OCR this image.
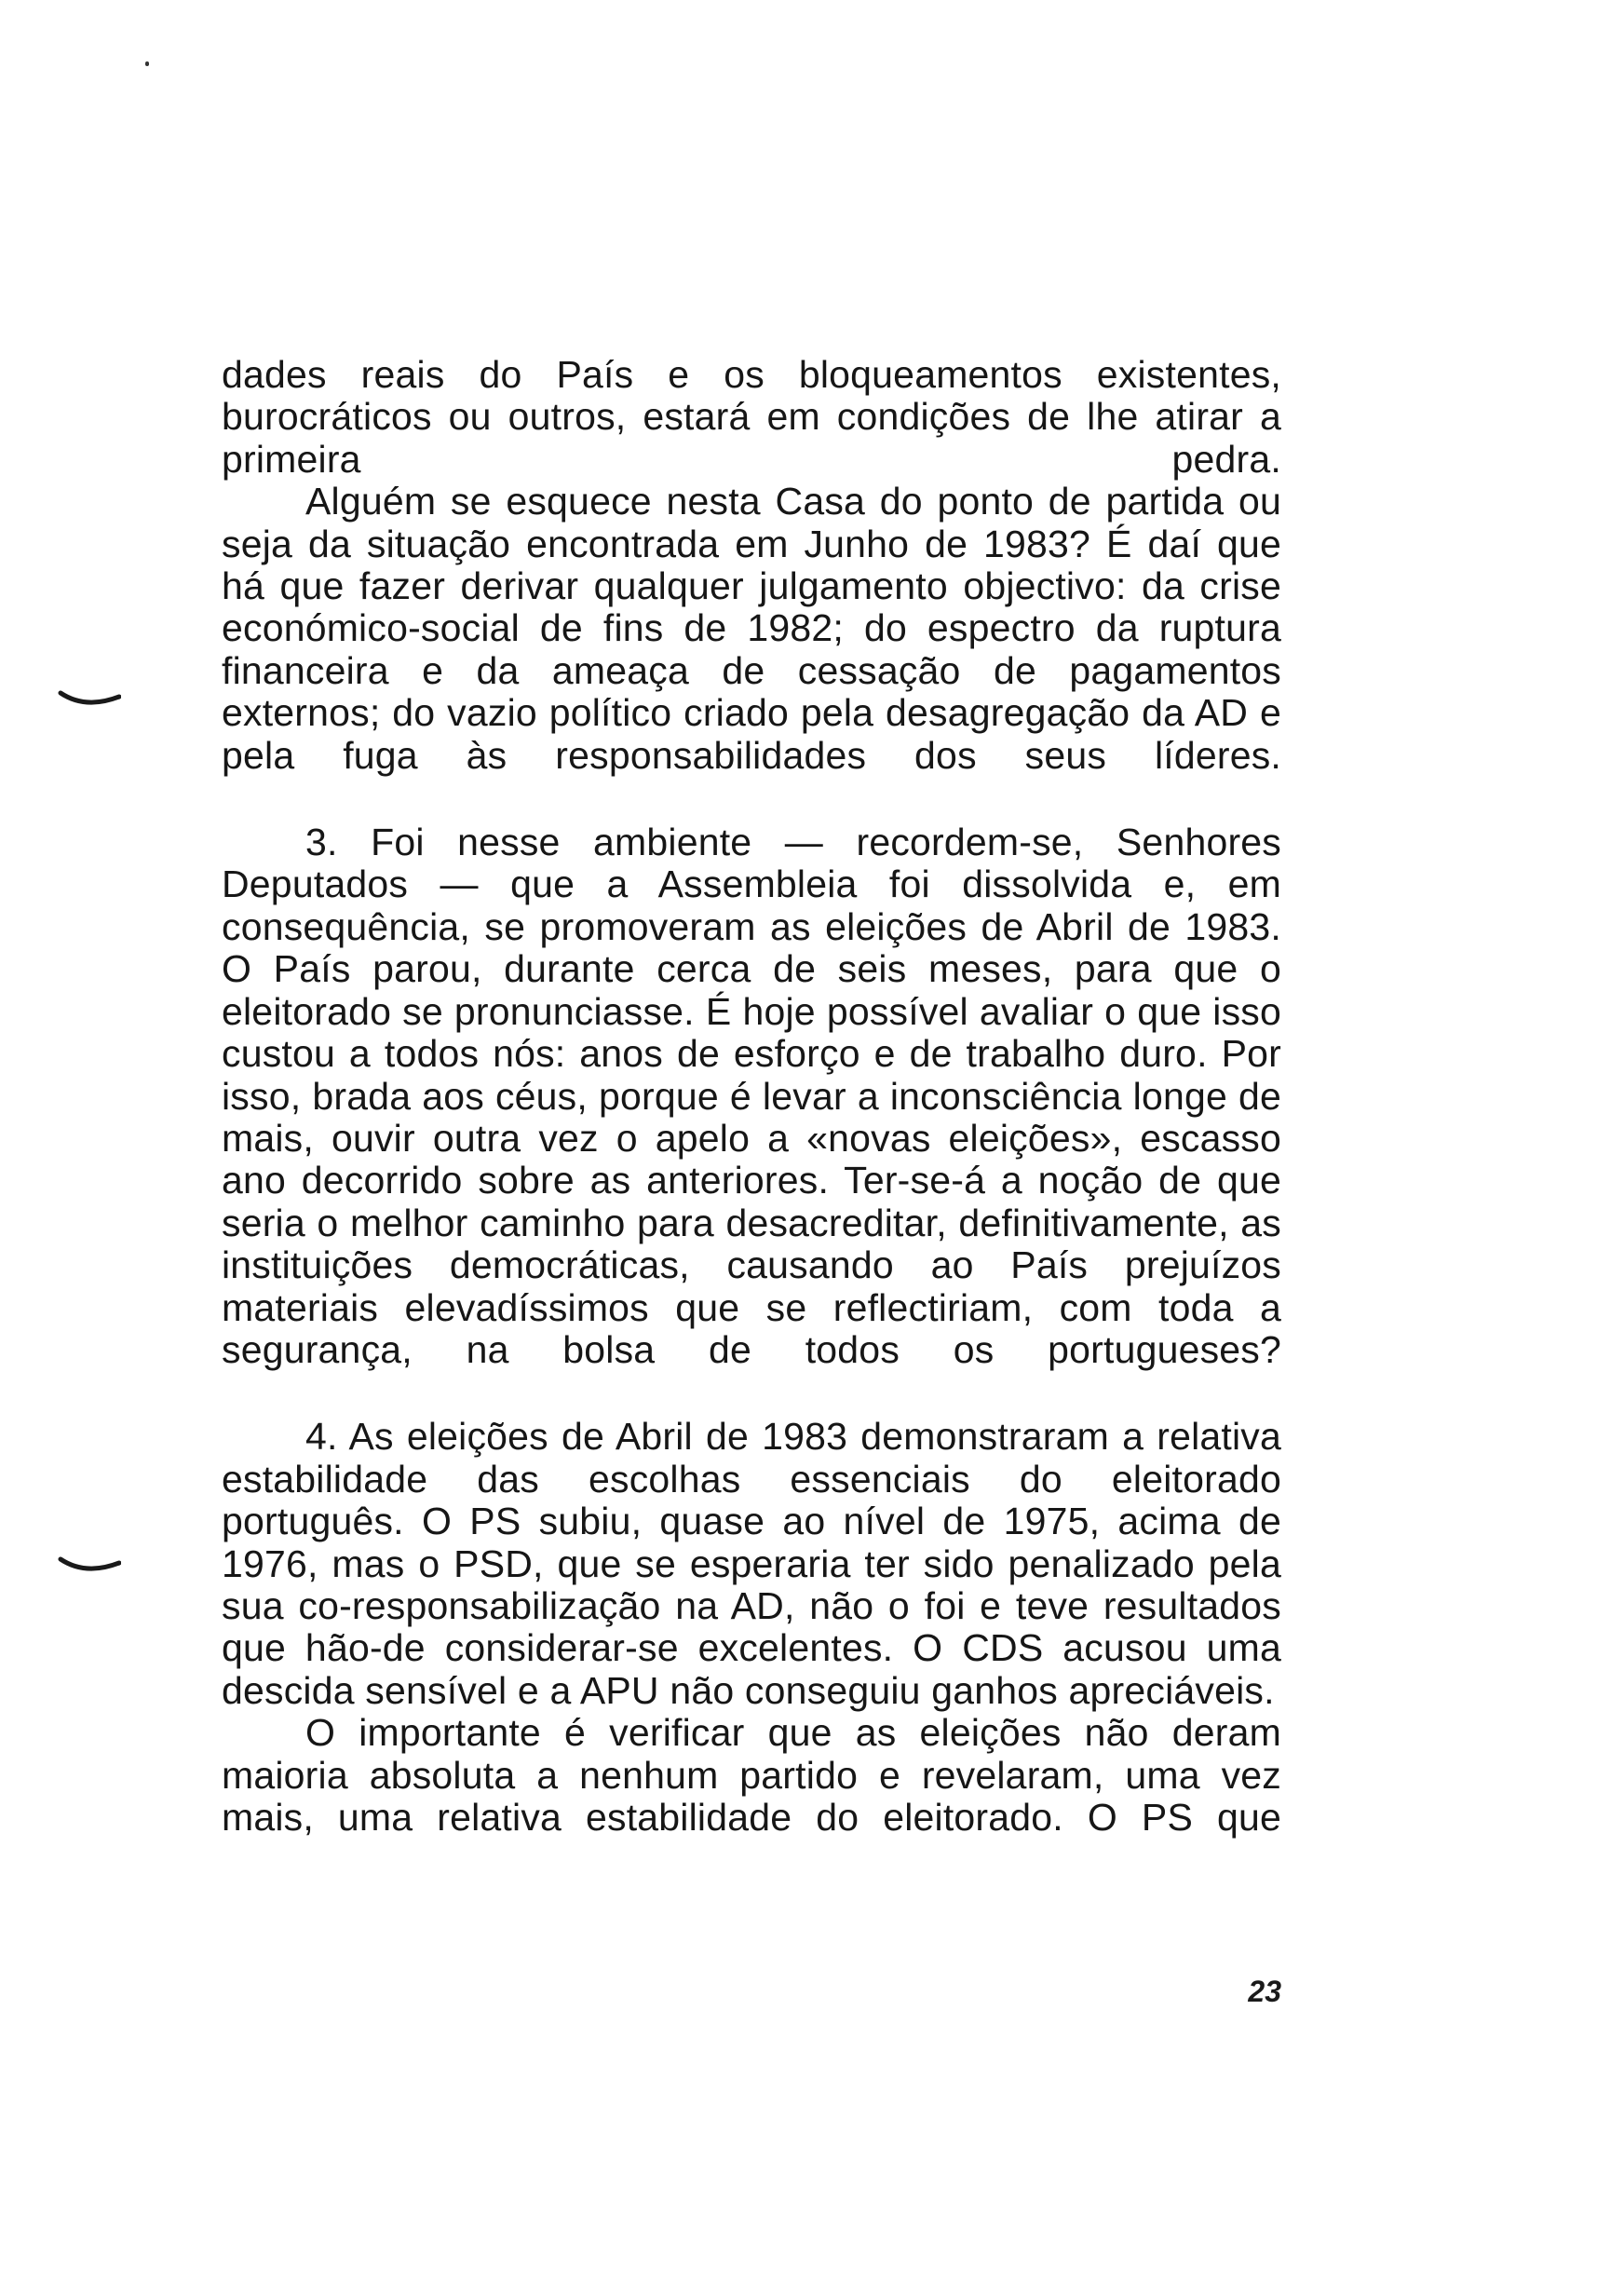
dades reais do País e os bloqueamentos existentes, burocráticos ou outros, estará em condições de lhe atirar a primeira pedra.

Alguém se esquece nesta Casa do ponto de partida ou seja da situação encontrada em Junho de 1983? É daí que há que fazer derivar qualquer julgamento objectivo: da crise económico-social de fins de 1982; do espectro da ruptura financeira e da ameaça de cessação de pagamentos externos; do vazio político criado pela desagregação da AD e pela fuga às responsabilidades dos seus líderes.

3. Foi nesse ambiente — recordem-se, Senhores Deputados — que a Assembleia foi dissolvida e, em consequência, se promoveram as eleições de Abril de 1983. O País parou, durante cerca de seis meses, para que o eleitorado se pronunciasse. É hoje possível avaliar o que isso custou a todos nós: anos de esforço e de trabalho duro. Por isso, brada aos céus, porque é levar a inconsciência longe de mais, ouvir outra vez o apelo a «novas eleições», escasso ano decorrido sobre as anteriores. Ter-se-á a noção de que seria o melhor caminho para desacreditar, definitivamente, as instituições democráticas, causando ao País prejuízos materiais elevadíssimos que se reflectiriam, com toda a segurança, na bolsa de todos os portugueses?

4. As eleições de Abril de 1983 demonstraram a relativa estabilidade das escolhas essenciais do eleitorado português. O PS subiu, quase ao nível de 1975, acima de 1976, mas o PSD, que se esperaria ter sido penalizado pela sua co-responsabilização na AD, não o foi e teve resultados que hão-de considerar-se excelentes. O CDS acusou uma descida sensível e a APU não conseguiu ganhos apreciáveis.

O importante é verificar que as eleições não deram maioria absoluta a nenhum partido e revelaram, uma vez mais, uma relativa estabilidade do eleitorado. O PS que

23
